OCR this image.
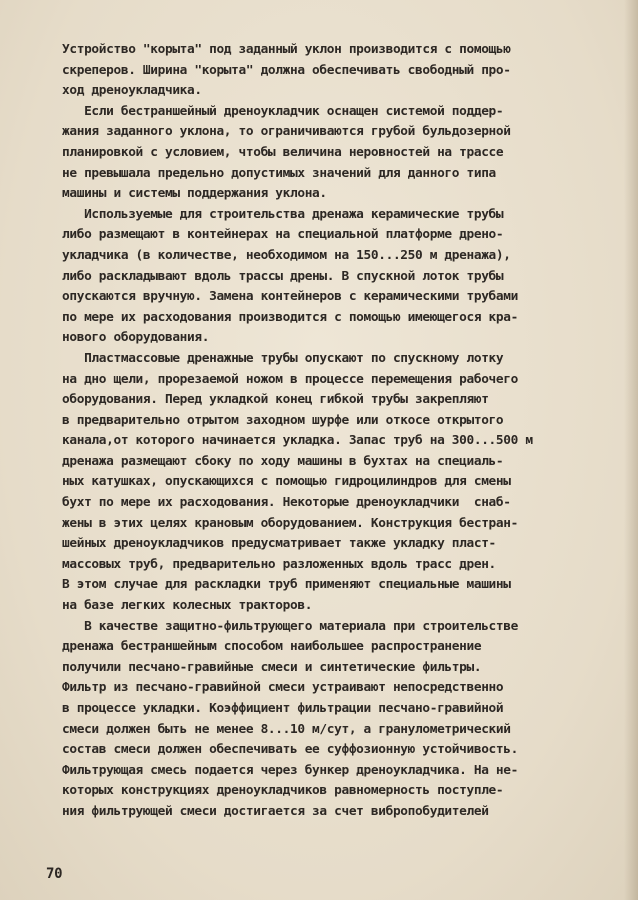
Устройство "корыта" под заданный уклон производится с помощью
скреперов. Ширина "корыта" должна обеспечивать свободный про-
ход дреноукладчика.
Если бестраншейный дреноукладчик оснащен системой поддер-
жания заданного уклона, то ограничиваются грубой бульдозерной
планировкой с условием, чтобы величина неровностей на трассе
не превышала предельно допустимых значений для данного типа
машины и системы поддержания уклона.
Используемые для строительства дренажа керамические трубы
либо размещают в контейнерах на специальной платформе дрено-
укладчика (в количестве, необходимом на 150...250 м дренажа),
либо раскладывают вдоль трассы дрены. В спускной лоток трубы
опускаются вручную. Замена контейнеров с керамическими трубами
по мере их расходования производится с помощью имеющегося кра-
нового оборудования.
Пластмассовые дренажные трубы опускают по спускному лотку
на дно щели, прорезаемой ножом в процессе перемещения рабочего
оборудования. Перед укладкой конец гибкой трубы закрепляют
в предварительно отрытом заходном шурфе или откосе открытого
канала,от которого начинается укладка. Запас труб на 300...500 м
дренажа размещают сбоку по ходу машины в бухтах на специаль-
ных катушках, опускающихся с помощью гидроцилиндров для смены
бухт по мере их расходования. Некоторые дреноукладчики  снаб-
жены в этих целях крановым оборудованием. Конструкция бестран-
шейных дреноукладчиков предусматривает также укладку пласт-
массовых труб, предварительно разложенных вдоль трасс дрен.
В этом случае для раскладки труб применяют специальные машины
на базе легких колесных тракторов.
В качестве защитно-фильтрующего материала при строительстве
дренажа бестраншейным способом наибольшее распространение
получили песчано-гравийные смеси и синтетические фильтры.
Фильтр из песчано-гравийной смеси устраивают непосредственно
в процессе укладки. Коэффициент фильтрации песчано-гравийной
смеси должен быть не менее 8...10 м/сут, а гранулометрический
состав смеси должен обеспечивать ее суффозионную устойчивость.
Фильтрующая смесь подается через бункер дреноукладчика. На не-
которых конструкциях дреноукладчиков равномерность поступле-
ния фильтрующей смеси достигается за счет вибропобудителей
70
